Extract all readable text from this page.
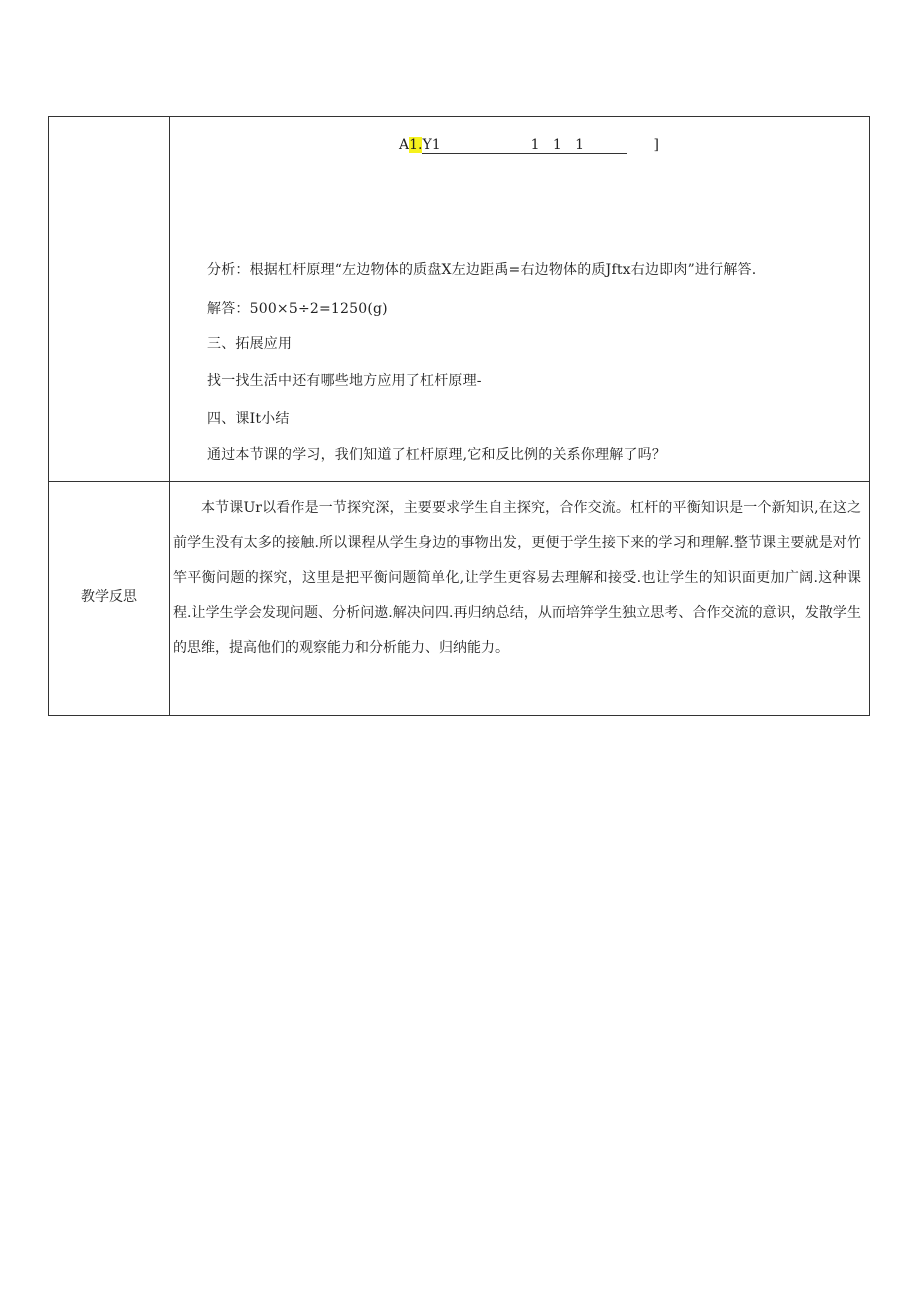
A1.Y1	1   1   1	]
分析：根据杠杆原理“左边物体的质盘X左边距禹=右边物体的质Jftx右边即肉”进行解答.
解答：500×5÷2=1250(g)
三、拓展应用
找一找生活中还有哪些地方应用了杠杆原理-
四、课It小结
通过本节课的学习，我们知道了杠杆原理,它和反比例的关系你理解了吗？
教学反思

本节课Ur以看作是一节探究深，主要要求学生自主探究，合作交流。杠杆的平衡知识是一个新知识,在这之前学生没有太多的接触.所以课程从学生身边的事物出发，更便于学生接下来的学习和理解.整节课主要就是对竹竿平衡问题的探究，这里是把平衡问题简单化,让学生更容易去理解和接受.也让学生的知识面更加广阔.这种课程.让学生学会发现问题、分析问遨.解决问四.再归纳总结，从而培笄学生独立思考、合作交流的意识，发散学生的思维，提高他们的观察能力和分析能力、归纳能力。
